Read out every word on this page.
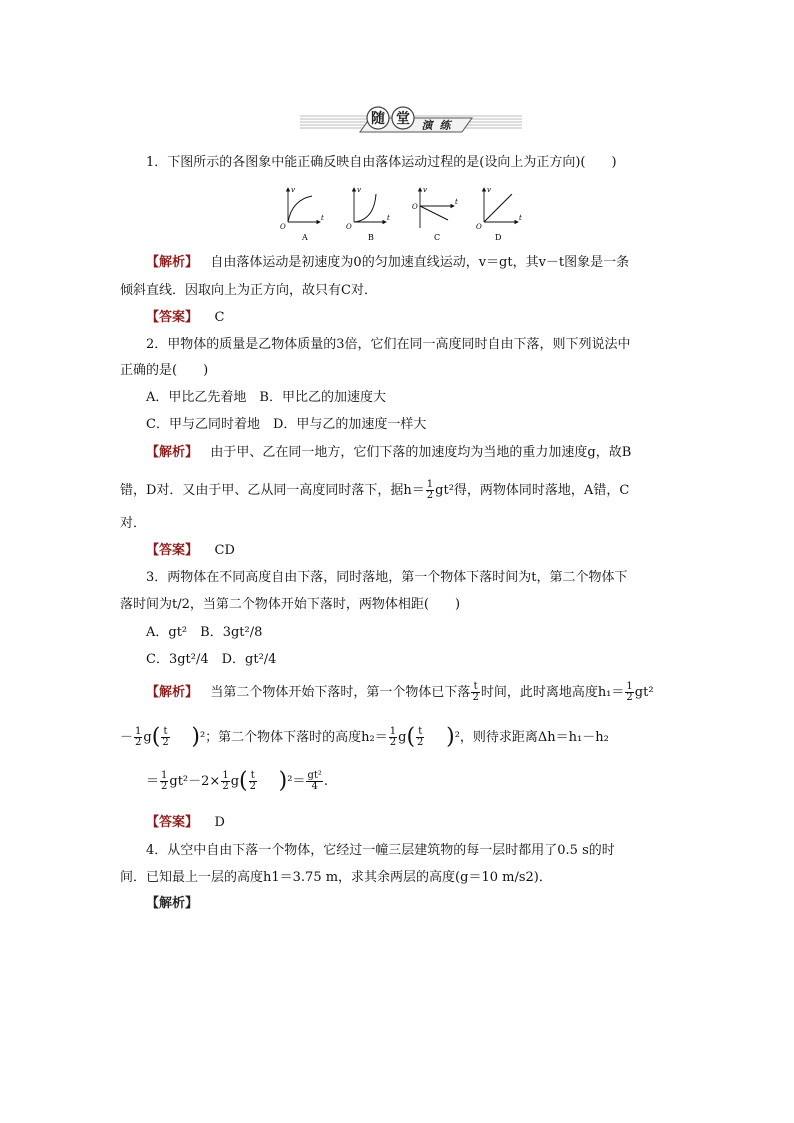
随 堂 演 练
1．下图所示的各图象中能正确反映自由落体运动过程的是(设向上为正方向)(　　)
v
t
O
A
v
t
O
B
v
t
O
C
v
t
O
D
【解析】 自由落体运动是初速度为0的匀加速直线运动，v＝gt，其v－t图象是一条
倾斜直线．因取向上为正方向，故只有C对．
【答案】 C
2．甲物体的质量是乙物体质量的3倍，它们在同一高度同时自由下落，则下列说法中
正确的是(　　)
A．甲比乙先着地　B．甲比乙的加速度大
C．甲与乙同时着地　D．甲与乙的加速度一样大
【解析】 由于甲、乙在同一地方，它们下落的加速度均为当地的重力加速度g，故B
错，D对．又由于甲、乙从同一高度同时落下，据$h= \frac{1}{2} gt^2$得，两物体同时落地，A错，C
对．
【答案】 CD
3．两物体在不同高度自由下落，同时落地，第一个物体下落时间为t，第二个物体下
落时间为t/2，当第二个物体开始下落时，两物体相距(　　)
A．gt²　B．3gt²/8
C．3gt²/4　D．gt²/4
【解析】 当第二个物体开始下落时，第一个物体已下落 $\frac{t}{2}$ 时间，此时离地高度$h_1= \frac{1}{2} gt^2$
－ $\frac{1}{2} g( \frac{t}{2} )^2$；第二个物体下落时的高度$h_2= \frac{1}{2} g( \frac{t}{2} )^2$，则待求距离Δh＝h₁－h₂
＝ $\frac{1}{2} gt^2-2\times \frac{1}{2} g( \frac{t}{2} )^2= \frac{\text{gt²}}{4}$ .
【答案】 D
4．从空中自由下落一个物体，它经过一幢三层建筑物的每一层时都用了0.5 s的时
间．已知最上一层的高度h1＝3.75 m，求其余两层的高度(g＝10 m/s2)．
【解析】
